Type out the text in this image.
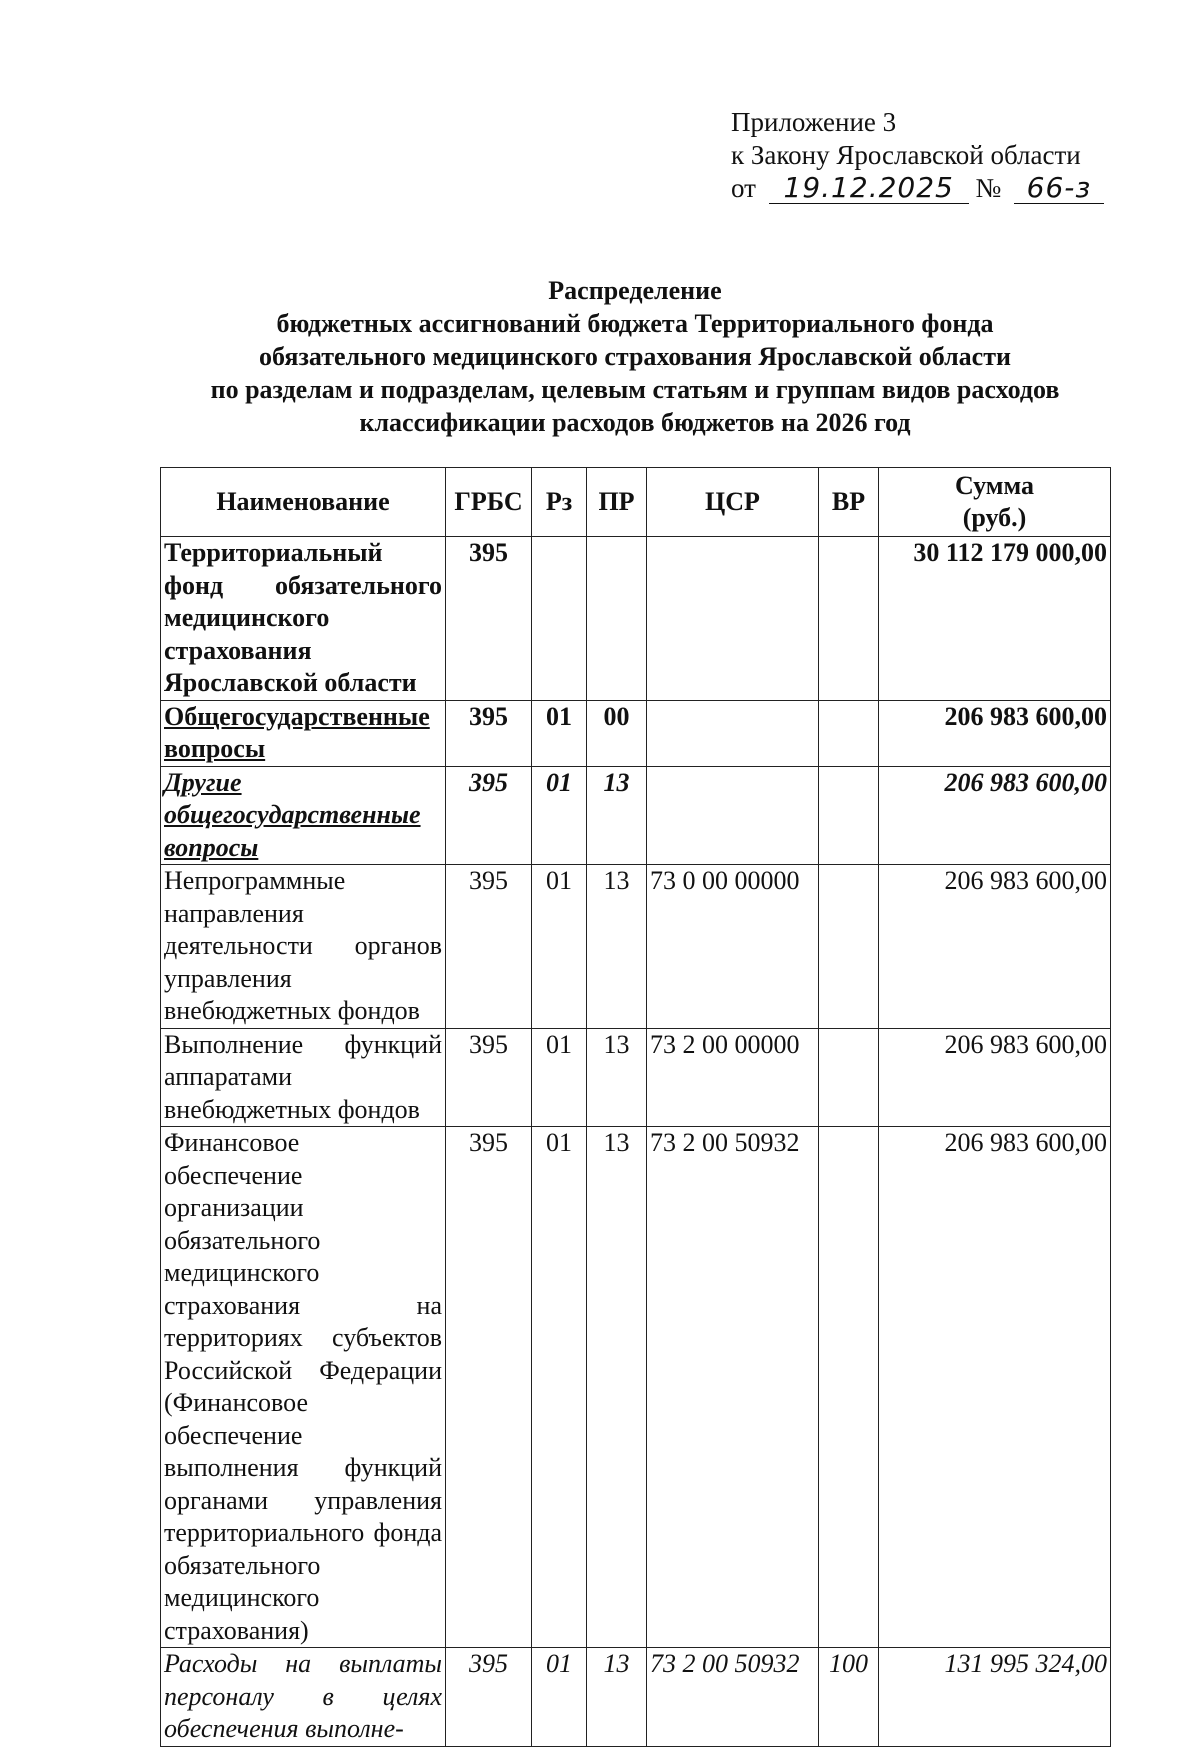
Приложение 3
к Закону Ярославской области
от 19.12.2025 № 66-з
Распределение
бюджетных ассигнований бюджета Территориального фонда
обязательного медицинского страхования Ярославской области
по разделам и подразделам, целевым статьям и группам видов расходов
классификации расходов бюджетов на 2026 год
Наименование	ГРБС	Рз	ПР	ЦСР	ВР	Сумма
(руб.)

Территориальный фонд обязательного медицинского страхования Ярославской области	395					30 112 179 000,00
Общегосударственные вопросы	395	01	00			206 983 600,00
Другие общегосударственные вопросы	395	01	13			206 983 600,00
Непрограммные направления деятельности органов управления внебюджетных фондов	395	01	13	73 0 00 00000		206 983 600,00
Выполнение функций аппаратами внебюджетных фондов	395	01	13	73 2 00 00000		206 983 600,00
Финансовое обеспечение организации обязательного медицинского страхования на территориях субъектов Российской Федерации (Финансовое обеспечение выполнения функций органами управления территориального фонда обязательного медицинского страхования)	395	01	13	73 2 00 50932		206 983 600,00
Расходы на выплаты персоналу в целях обеспечения выполне-	395	01	13	73 2 00 50932	100	131 995 324,00
